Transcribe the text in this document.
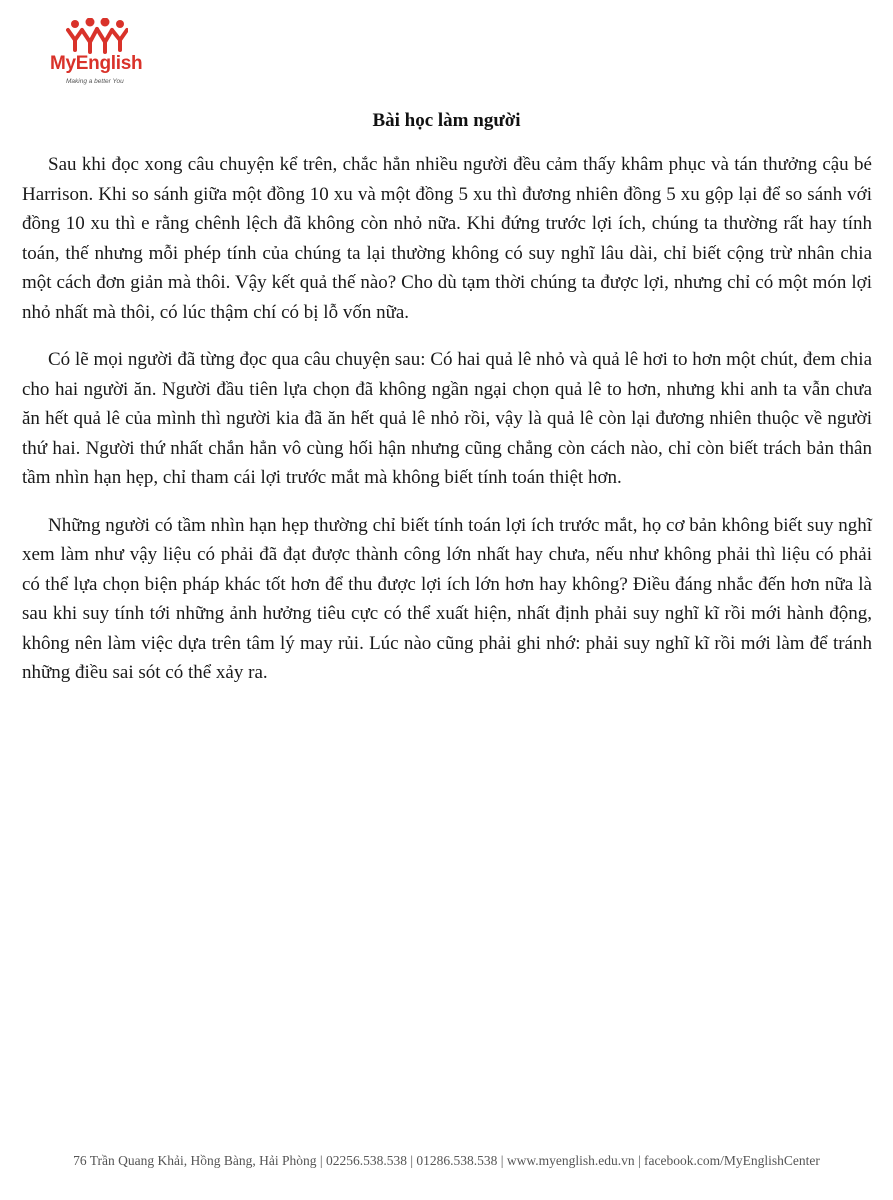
MyEnglish
Making a better You
Bài học làm người

Sau khi đọc xong câu chuyện kể trên, chắc hẳn nhiều người đều cảm thấy khâm phục và tán thưởng cậu bé Harrison. Khi so sánh giữa một đồng 10 xu và một đồng 5 xu thì đương nhiên đồng 5 xu gộp lại để so sánh với đồng 10 xu thì e rằng chênh lệch đã không còn nhỏ nữa. Khi đứng trước lợi ích, chúng ta thường rất hay tính toán, thế nhưng mỗi phép tính của chúng ta lại thường không có suy nghĩ lâu dài, chỉ biết cộng trừ nhân chia một cách đơn giản mà thôi. Vậy kết quả thế nào? Cho dù tạm thời chúng ta được lợi, nhưng chỉ có một món lợi nhỏ nhất mà thôi, có lúc thậm chí có bị lỗ vốn nữa.

Có lẽ mọi người đã từng đọc qua câu chuyện sau: Có hai quả lê nhỏ và quả lê hơi to hơn một chút, đem chia cho hai người ăn. Người đầu tiên lựa chọn đã không ngần ngại chọn quả lê to hơn, nhưng khi anh ta vẫn chưa ăn hết quả lê của mình thì người kia đã ăn hết quả lê nhỏ rồi, vậy là quả lê còn lại đương nhiên thuộc về người thứ hai. Người thứ nhất chắn hẳn vô cùng hối hận nhưng cũng chẳng còn cách nào, chỉ còn biết trách bản thân tầm nhìn hạn hẹp, chỉ tham cái lợi trước mắt mà không biết tính toán thiệt hơn.

Những người có tầm nhìn hạn hẹp thường chỉ biết tính toán lợi ích trước mắt, họ cơ bản không biết suy nghĩ xem làm như vậy liệu có phải đã đạt được thành công lớn nhất hay chưa, nếu như không phải thì liệu có phải có thể lựa chọn biện pháp khác tốt hơn để thu được lợi ích lớn hơn hay không? Điều đáng nhắc đến hơn nữa là sau khi suy tính tới những ảnh hưởng tiêu cực có thể xuất hiện, nhất định phải suy nghĩ kĩ rồi mới hành động, không nên làm việc dựa trên tâm lý may rủi. Lúc nào cũng phải ghi nhớ: phải suy nghĩ kĩ rồi mới làm để tránh những điều sai sót có thể xảy ra.

76 Trần Quang Khải, Hồng Bàng, Hải Phòng | 02256.538.538 | 01286.538.538 | www.myenglish.edu.vn | facebook.com/MyEnglishCenter
